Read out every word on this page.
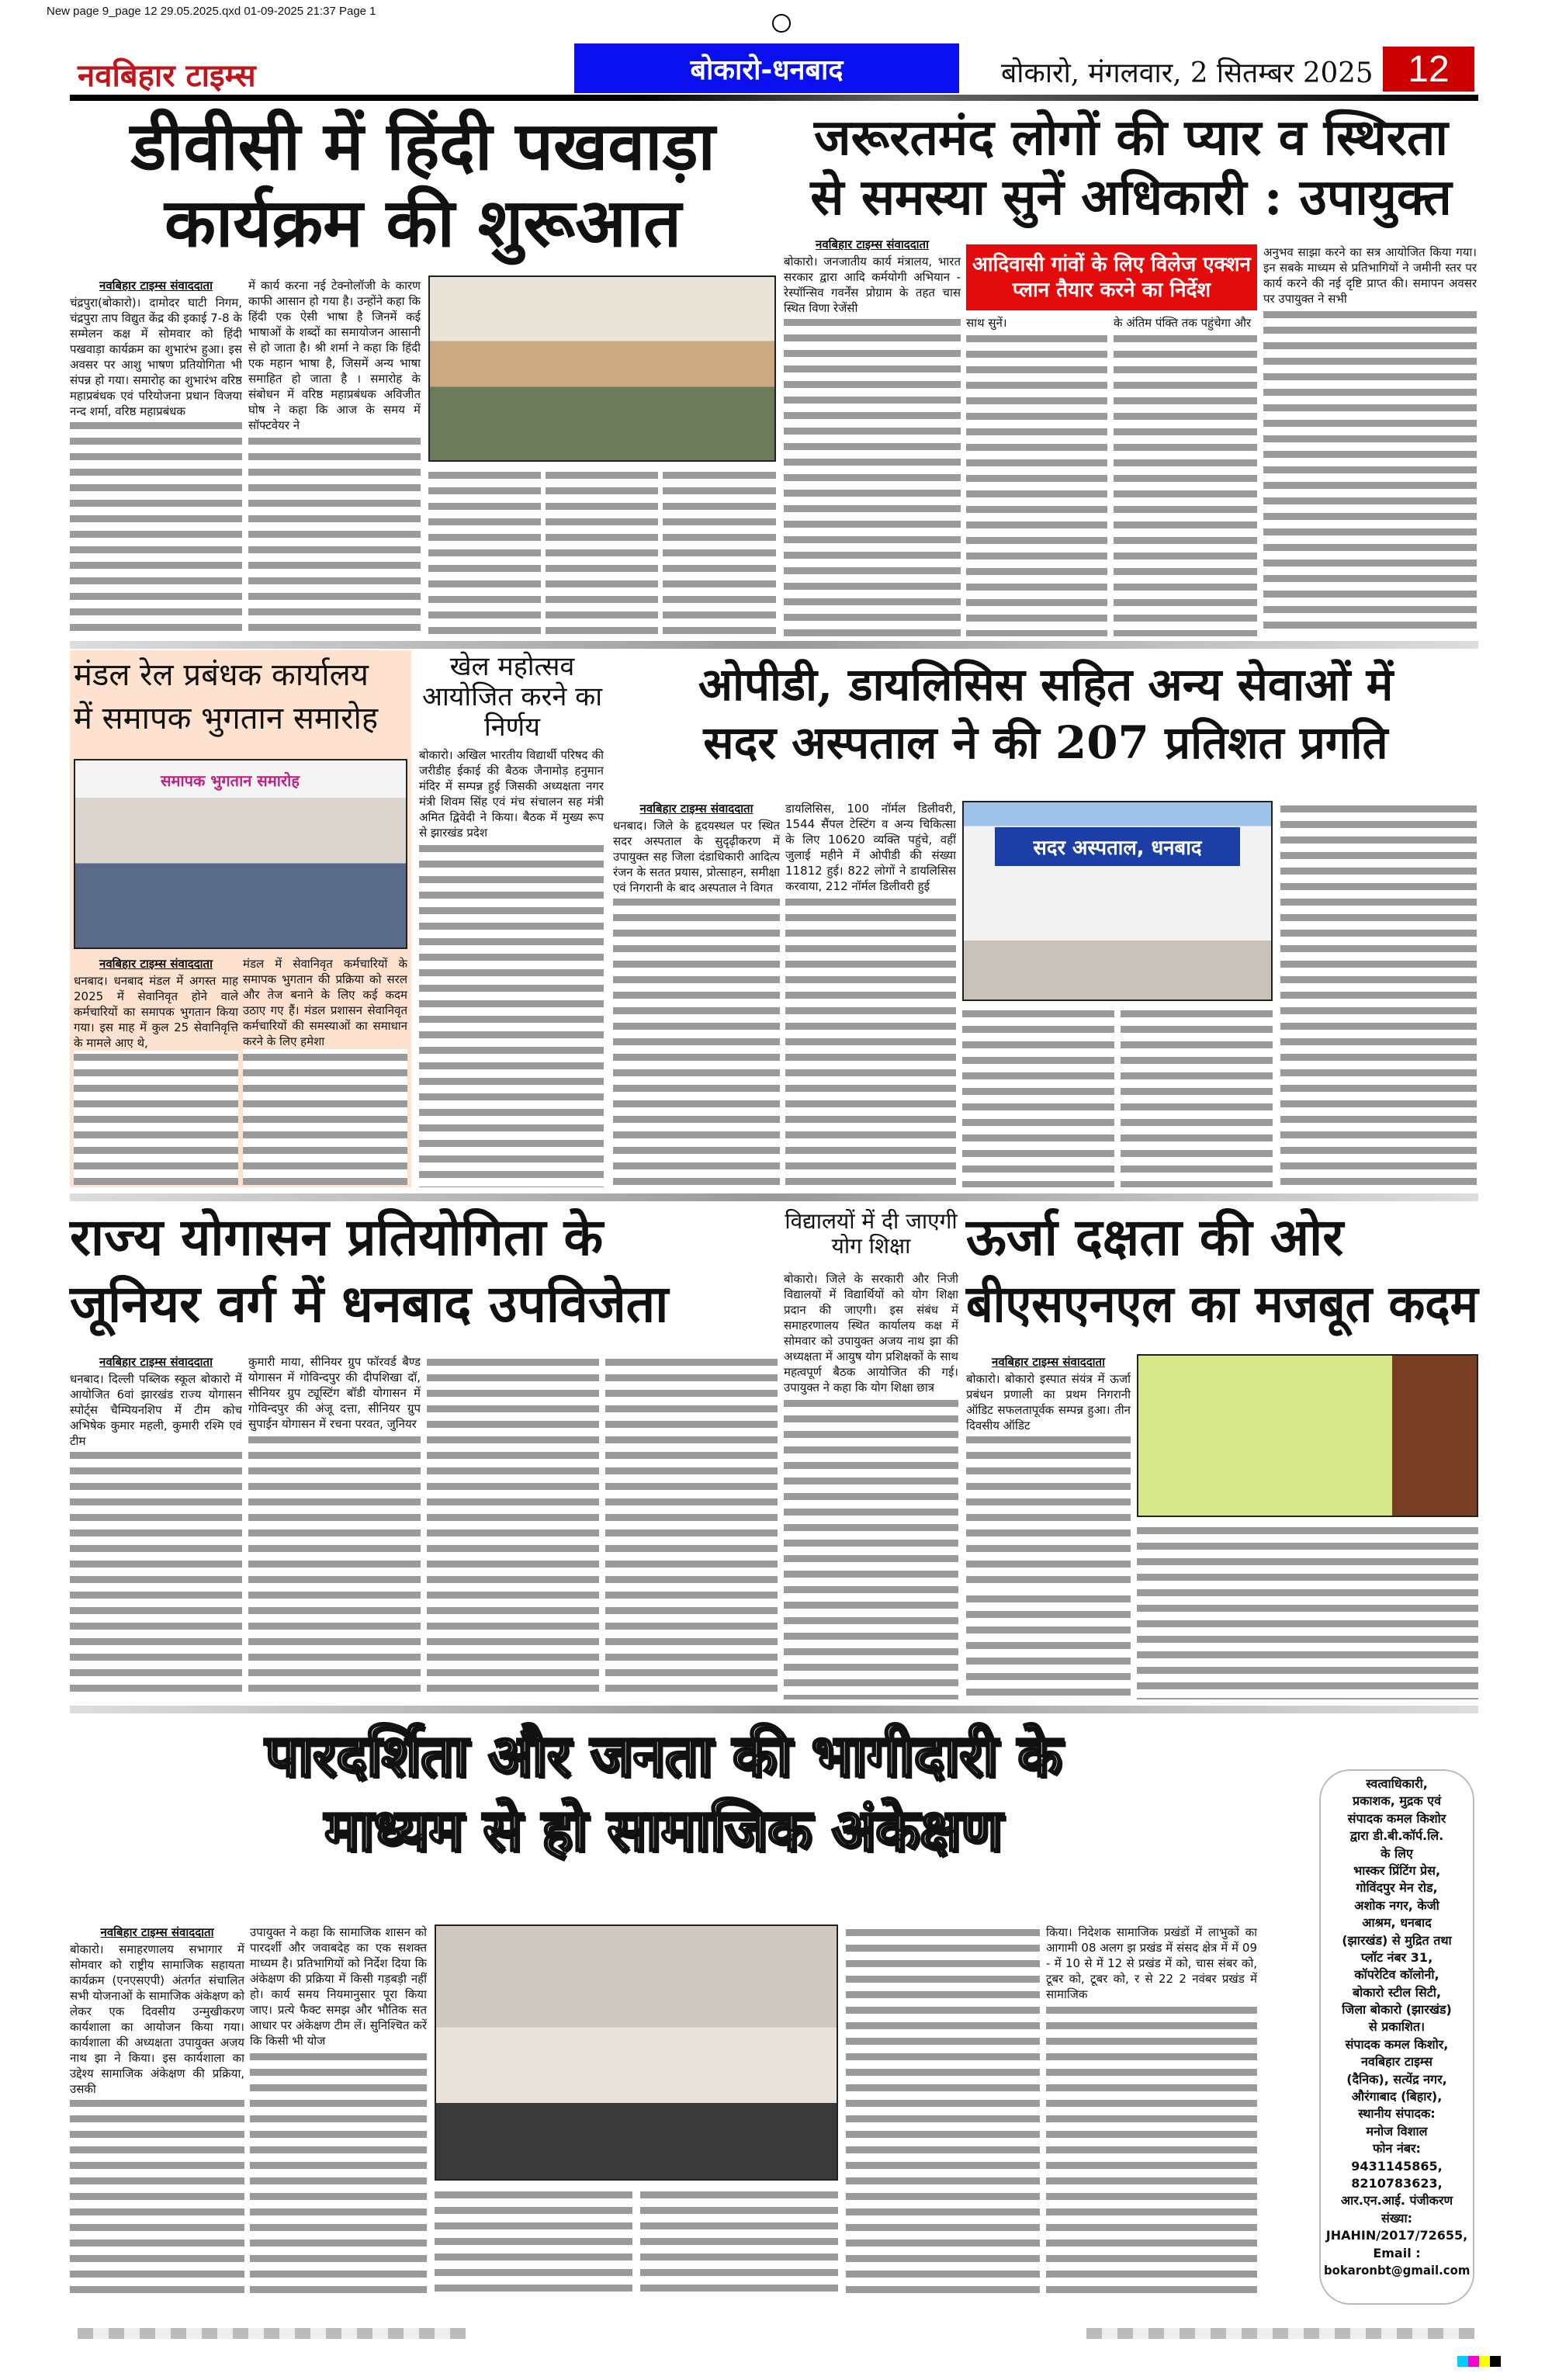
New page 9_page 12 29.05.2025.qxd 01-09-2025 21:37 Page 1
नवबिहार टाइम्स	बोकारो-धनबाद	बोकारो, मंगलवार, 2 सितम्बर 2025 12
डीवीसी में हिंदी पखवाड़ा
कार्यक्रम की शुरूआत
नवबिहार टाइम्स संवाददाता
चंद्रपुरा(बोकारो)। दामोदर घाटी निगम, चंद्रपुरा ताप विद्युत केंद्र की इकाई 7-8 के सम्मेलन कक्ष में सोमवार को हिंदी पखवाड़ा कार्यक्रम का शुभारंभ हुआ। इस अवसर पर आशु भाषण प्रतियोगिता भी संपन्न हो गया। समारोह का शुभारंभ वरिष्ठ महाप्रबंधक एवं परियोजना प्रधान विजया नन्द शर्मा, वरिष्ठ महाप्रबंधक
में कार्य करना नई टेक्नोलॉजी के कारण काफी आसान हो गया है। उन्होंने कहा कि हिंदी एक ऐसी भाषा है जिनमें कई भाषाओं के शब्दों का समायोजन आसानी से हो जाता है। श्री शर्मा ने कहा कि हिंदी एक महान भाषा है, जिसमें अन्य भाषा समाहित हो जाता है । समारोह के संबोधन में वरिष्ठ महाप्रबंधक अविजीत घोष ने कहा कि आज के समय में सॉफ्टवेयर ने
जरूरतमंद लोगों की प्यार व स्थिरता
से समस्या सुनें अधिकारी : उपायुक्त
नवबिहार टाइम्स संवाददाता
बोकारो। जनजातीय कार्य मंत्रालय, भारत सरकार द्वारा आदि कर्मयोगी अभियान - रेस्पॉन्सिव गवर्नेंस प्रोग्राम के तहत चास स्थित विणा रेजेंसी
आदिवासी गांवों के लिए विलेज एक्शन प्लान तैयार करने का निर्देश
साथ सुनें।	के अंतिम पंक्ति तक पहुंचेगा और
अनुभव साझा करने का सत्र आयोजित किया गया। इन सबके माध्यम से प्रतिभागियों ने जमीनी स्तर पर कार्य करने की नई दृष्टि प्राप्त की। समापन अवसर पर उपायुक्त ने सभी
मंडल रेल प्रबंधक कार्यालय
में समापक भुगतान समारोह
समापक भुगतान समारोह
नवबिहार टाइम्स संवाददाता
धनबाद। धनबाद मंडल में अगस्त माह 2025 में सेवानिवृत होने वाले कर्मचारियों का समापक भुगतान किया गया। इस माह में कुल 25 सेवानिवृत्ति के मामले आए थे,
मंडल में सेवानिवृत कर्मचारियों के समापक भुगतान की प्रक्रिया को सरल और तेज बनाने के लिए कई कदम उठाए गए हैं। मंडल प्रशासन सेवानिवृत कर्मचारियों की समस्याओं का समाधान करने के लिए हमेशा
खेल महोत्सव आयोजित करने का निर्णय
बोकारो। अखिल भारतीय विद्यार्थी परिषद की जरीडीह ईकाई की बैठक जैनामोड़ हनुमान मंदिर में सम्पन्न हुई जिसकी अध्यक्षता नगर मंत्री शिवम सिंह एवं मंच संचालन सह मंत्री अमित द्विवेदी ने किया। बैठक में मुख्य रूप से झारखंड प्रदेश
ओपीडी, डायलिसिस सहित अन्य सेवाओं में
सदर अस्पताल ने की 207 प्रतिशत प्रगति
नवबिहार टाइम्स संवाददाता
धनबाद। जिले के हृदयस्थल पर स्थित सदर अस्पताल के सुदृढ़ीकरण में उपायुक्त सह जिला दंडाधिकारी आदित्य रंजन के सतत प्रयास, प्रोत्साहन, समीक्षा एवं निगरानी के बाद अस्पताल ने विगत
डायलिसिस, 100 नॉर्मल डिलीवरी, 1544 सैंपल टेस्टिंग व अन्य चिकित्सा के लिए 10620 व्यक्ति पहुंचे, वहीं जुलाई महीने में ओपीडी की संख्या 11812 हुई। 822 लोगों ने डायलिसिस करवाया, 212 नॉर्मल डिलीवरी हुई
सदर अस्पताल, धनबाद
राज्य योगासन प्रतियोगिता के
जूनियर वर्ग में धनबाद उपविजेता
नवबिहार टाइम्स संवाददाता
धनबाद। दिल्ली पब्लिक स्कूल बोकारो में आयोजित 6वां झारखंड राज्य योगासन स्पोर्ट्स चैम्पियनशिप में टीम कोच अभिषेक कुमार महली, कुमारी रश्मि एवं टीम
कुमारी माया, सीनियर ग्रुप फॉरवर्ड बैण्ड योगासन में गोविन्दपुर की दीपशिखा दॉ, सीनियर ग्रुप ट्यूस्टिंग बॉडी योगासन में गोविन्दपुर की अंजू दत्ता, सीनियर ग्रुप सुपाईन योगासन में रचना परवत, जुनियर
विद्यालयों में दी जाएगी योग शिक्षा
बोकारो। जिले के सरकारी और निजी विद्यालयों में विद्यार्थियों को योग शिक्षा प्रदान की जाएगी। इस संबंध में समाहरणालय स्थित कार्यालय कक्ष में सोमवार को उपायुक्त अजय नाथ झा की अध्यक्षता में आयुष योग प्रशिक्षकों के साथ महत्वपूर्ण बैठक आयोजित की गई। उपायुक्त ने कहा कि योग शिक्षा छात्र
ऊर्जा दक्षता की ओर
बीएसएनएल का मजबूत कदम
नवबिहार टाइम्स संवाददाता
बोकारो। बोकारो इस्पात संयंत्र में ऊर्जा प्रबंधन प्रणाली का प्रथम निगरानी ऑडिट सफलतापूर्वक सम्पन्न हुआ। तीन दिवसीय ऑडिट
पारदर्शिता और जनता की भागीदारी के
माध्यम से हो सामाजिक अंकेक्षण
नवबिहार टाइम्स संवाददाता
बोकारो। समाहरणालय सभागार में सोमवार को राष्ट्रीय सामाजिक सहायता कार्यक्रम (एनएसएपी) अंतर्गत संचालित सभी योजनाओं के सामाजिक अंकेक्षण को लेकर एक दिवसीय उन्मुखीकरण कार्यशाला का आयोजन किया गया। कार्यशाला की अध्यक्षता उपायुक्त अजय नाथ झा ने किया। इस कार्यशाला का उद्देश्य सामाजिक अंकेक्षण की प्रक्रिया, उसकी
उपायुक्त ने कहा कि सामाजिक शासन को पारदर्शी और जवाबदेह का एक सशक्त माध्यम है। प्रतिभागियों को निर्देश दिया कि अंकेक्षण की प्रक्रिया में किसी गड़बड़ी नहीं हो। कार्य समय नियमानुसार पूरा किया जाए। प्रत्ये फैक्ट समझ और भौतिक सत आधार पर अंकेक्षण टीम लें। सुनिश्चित करें कि किसी भी योज
किया। निदेशक सामाजिक प्रखंडों में लाभुकों का आगामी 08 अलग झ प्रखंड में संसद क्षेत्र में में 09 - में 10 से में 12 से प्रखंड में को, चास संबर को, टूबर को, टूबर को, र से 22 2 नवंबर प्रखंड में सामाजिक
स्वत्वाधिकारी,
प्रकाशक, मुद्रक एवं
संपादक कमल किशोर
द्वारा डी.बी.कॉर्प.लि.
के लिए
भास्कर प्रिंटिंग प्रेस,
गोविंदपुर मेन रोड,
अशोक नगर, केजी
आश्रम, धनबाद
(झारखंड) से मुद्रित तथा
प्लॉट नंबर 31,
कॉपरेटिव कॉलोनी,
बोकारो स्टील सिटी,
जिला बोकारो (झारखंड)
से प्रकाशित।
संपादक कमल किशोर,
नवबिहार टाइम्स
(दैनिक), सत्येंद्र नगर,
औरंगाबाद (बिहार),
स्थानीय संपादक:
मनोज विशाल
फोन नंबर:
9431145865,
8210783623,
आर.एन.आई. पंजीकरण
संख्या:
JHAHIN/2017/72655,
Email :
bokaronbt@gmail.com
